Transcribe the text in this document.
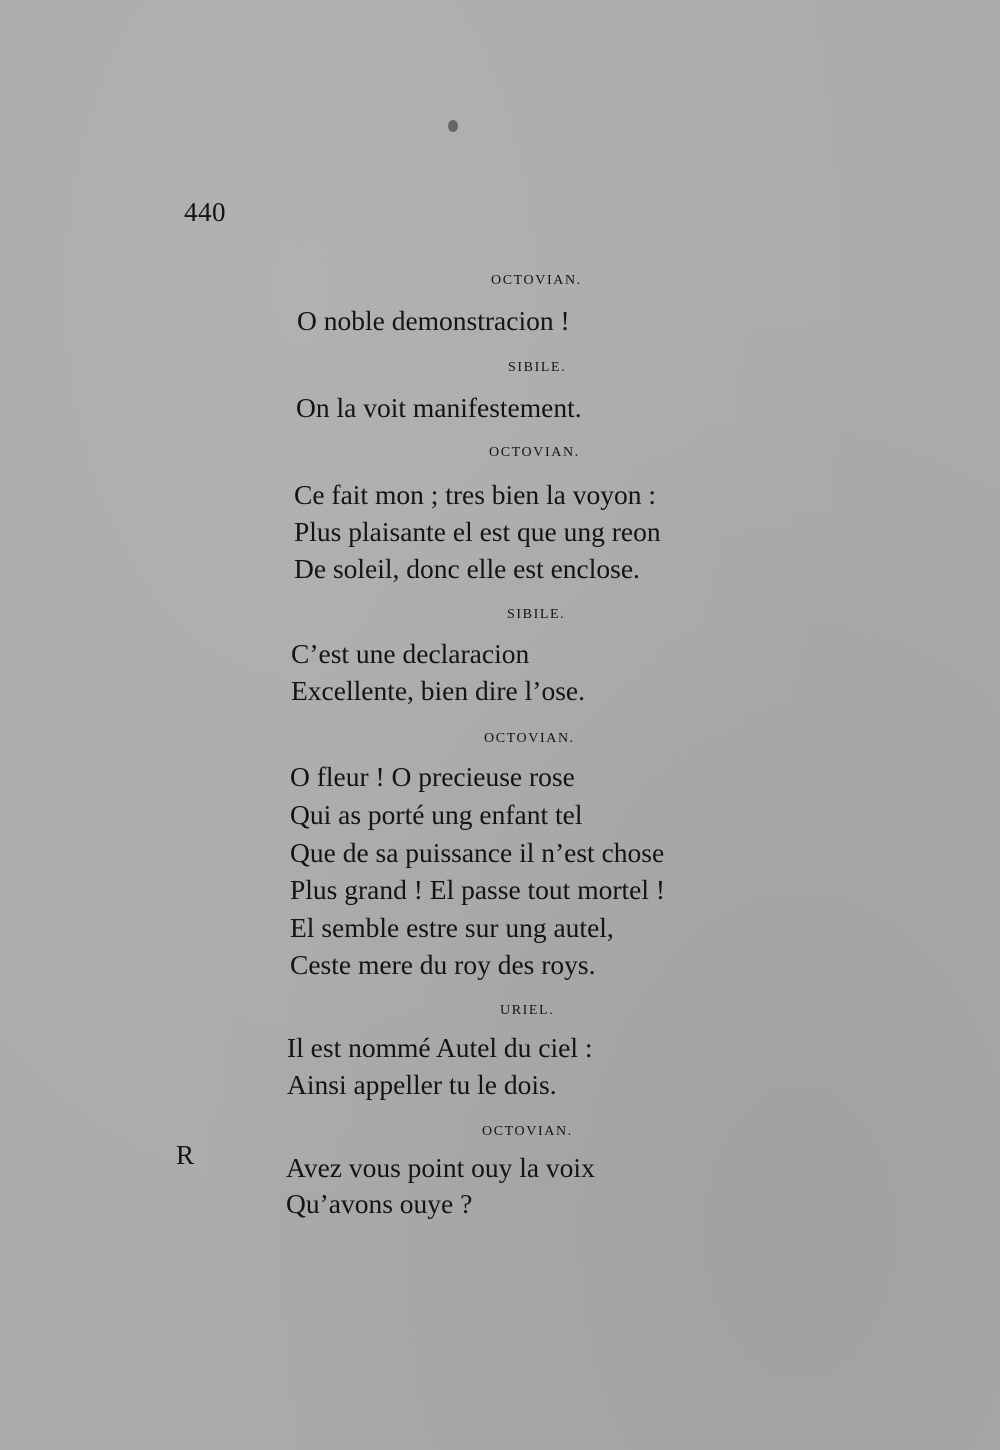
440
R
OCTOVIAN.
O noble demonstracion !
SIBILE.
On la voit manifestement.
OCTOVIAN.
Ce fait mon ; tres bien la voyon :
Plus plaisante el est que ung reon
De soleil, donc elle est enclose.
SIBILE.
C’est une declaracion
Excellente, bien dire l’ose.
OCTOVIAN.
O fleur ! O precieuse rose
Qui as porté ung enfant tel
Que de sa puissance il n’est chose
Plus grand ! El passe tout mortel !
El semble estre sur ung autel,
Ceste mere du roy des roys.
URIEL.
Il est nommé Autel du ciel :
Ainsi appeller tu le dois.
OCTOVIAN.
Avez vous point ouy la voix
Qu’avons ouye ?
